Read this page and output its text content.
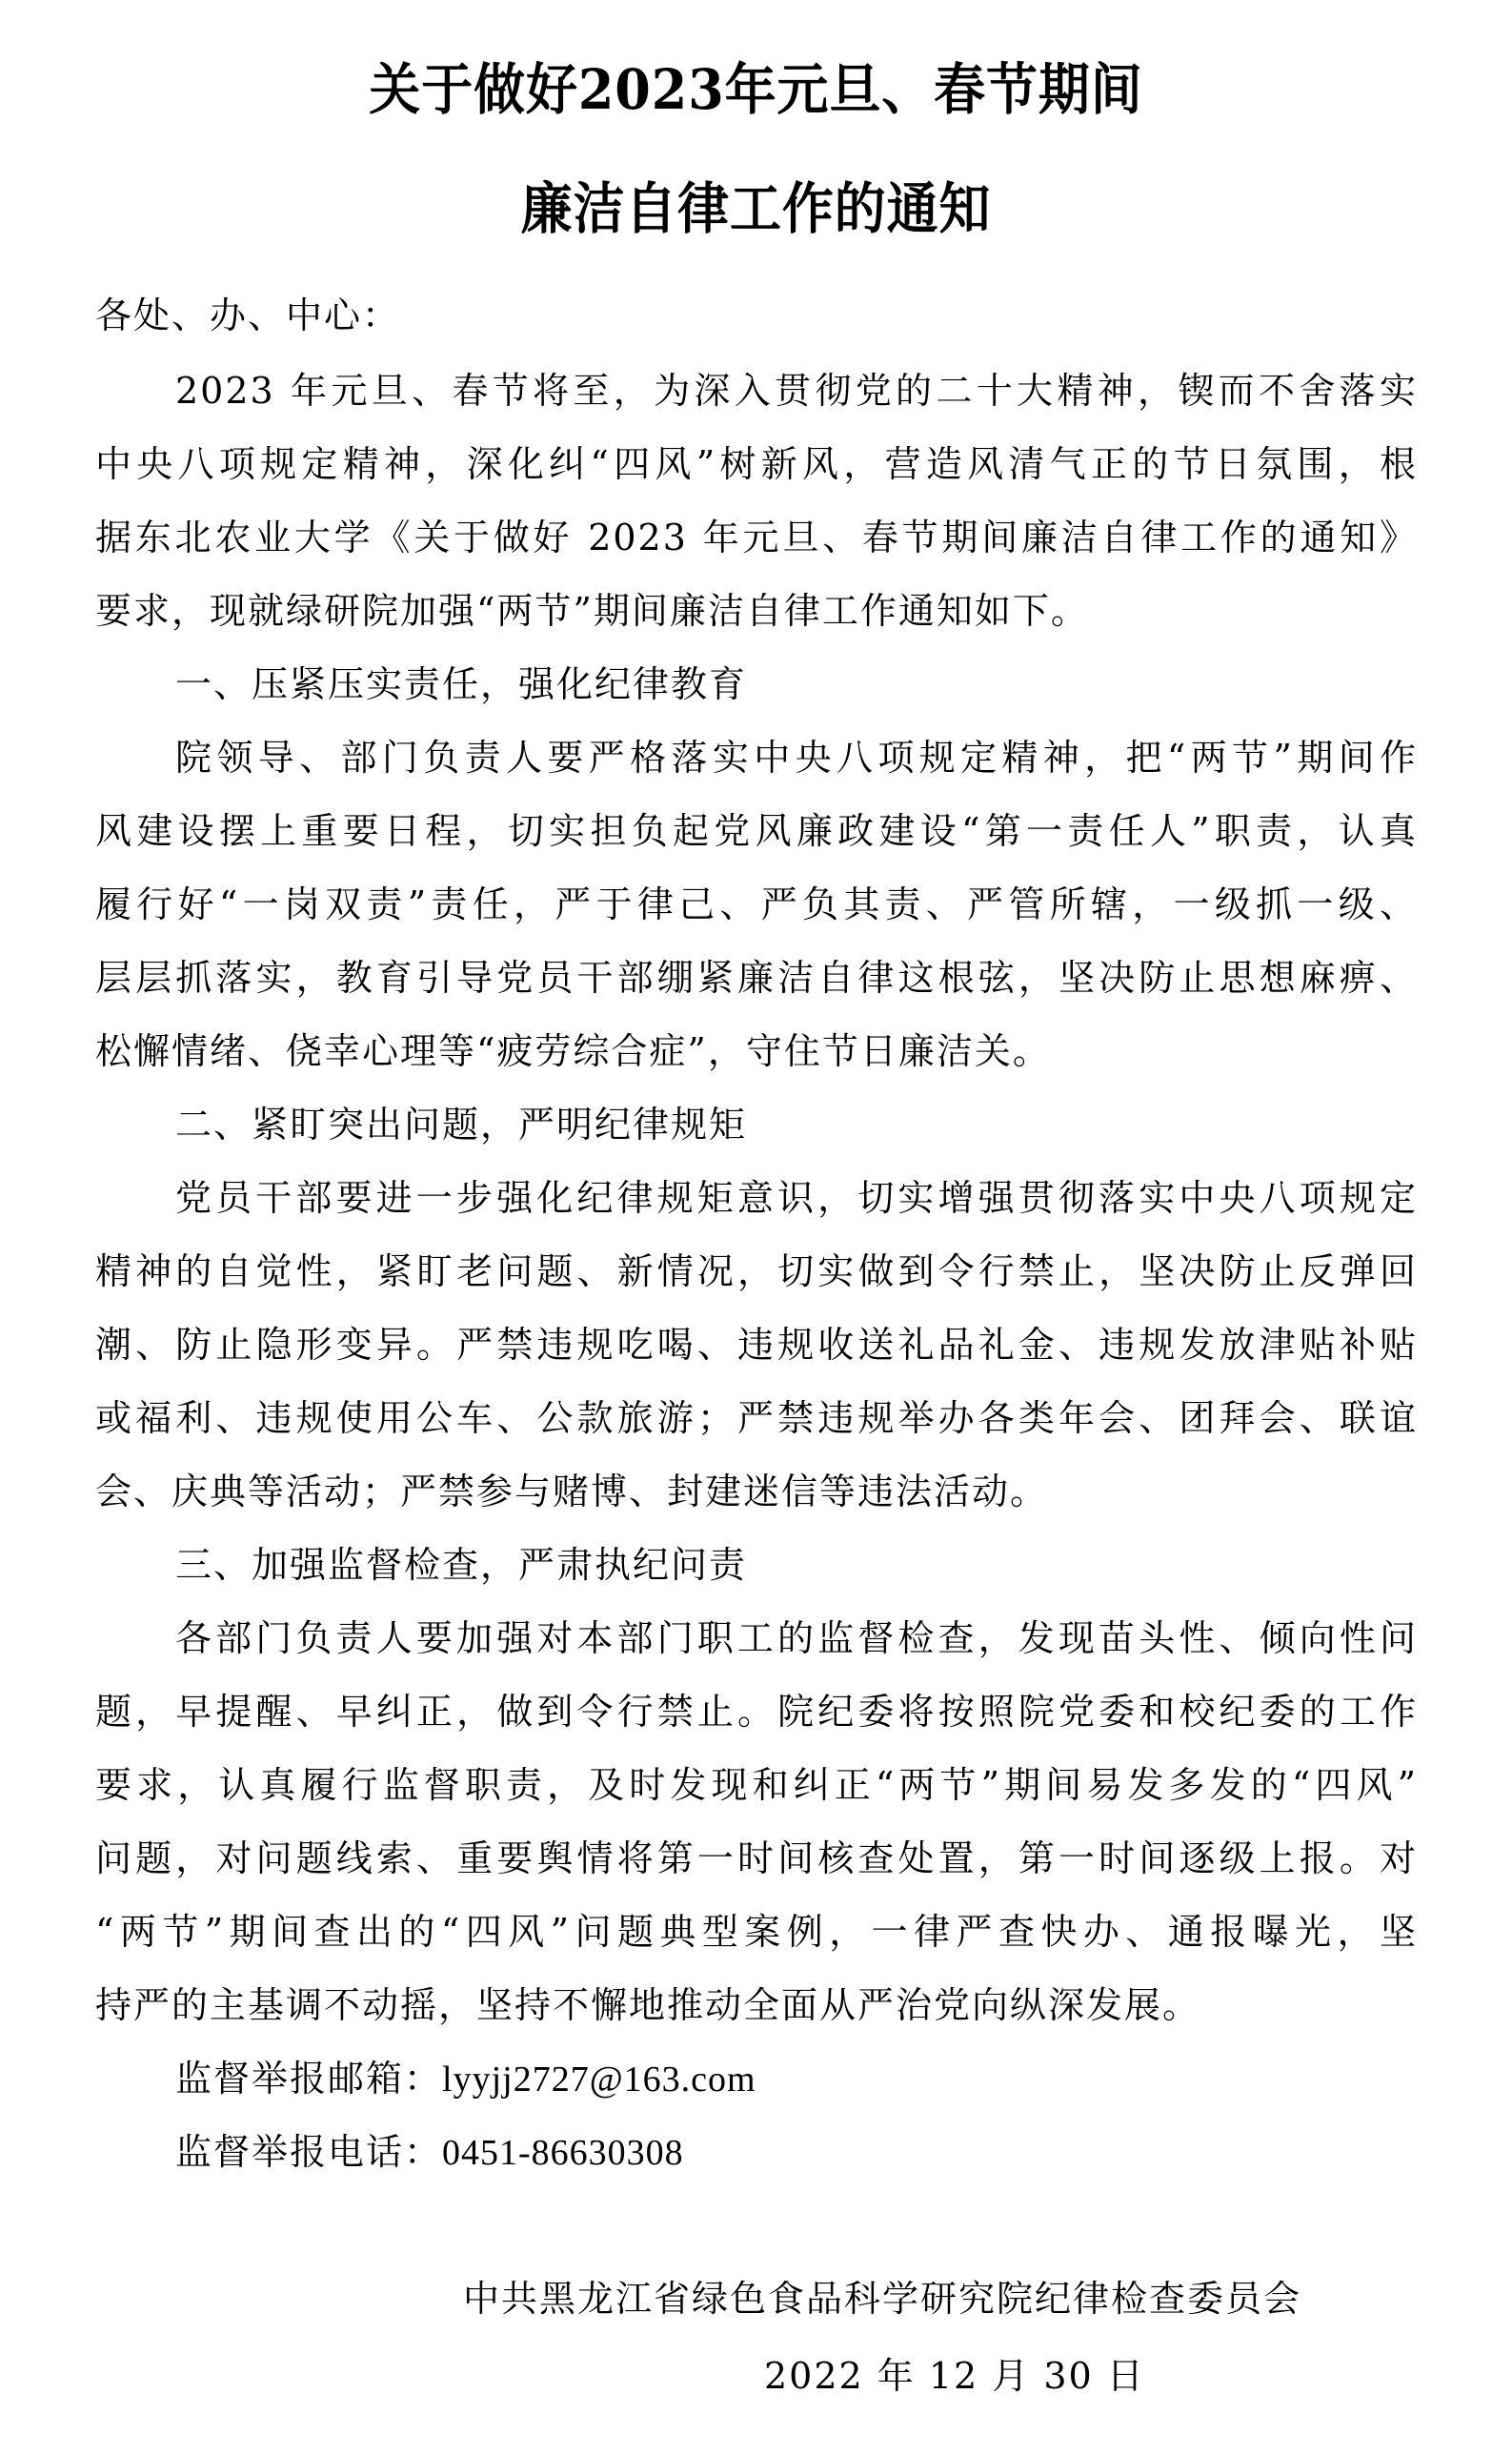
关于做好2023年元旦、春节期间
廉洁自律工作的通知
各处、办、中心：
2023 年元旦、春节将至，为深入贯彻党的二十大精神，锲而不舍落实
中央八项规定精神，深化纠“四风”树新风，营造风清气正的节日氛围，根
据东北农业大学《关于做好 2023 年元旦、春节期间廉洁自律工作的通知》
要求，现就绿研院加强“两节”期间廉洁自律工作通知如下。
一、压紧压实责任，强化纪律教育
院领导、部门负责人要严格落实中央八项规定精神，把“两节”期间作
风建设摆上重要日程，切实担负起党风廉政建设“第一责任人”职责，认真
履行好“一岗双责”责任，严于律己、严负其责、严管所辖，一级抓一级、
层层抓落实，教育引导党员干部绷紧廉洁自律这根弦，坚决防止思想麻痹、
松懈情绪、侥幸心理等“疲劳综合症”，守住节日廉洁关。
二、紧盯突出问题，严明纪律规矩
党员干部要进一步强化纪律规矩意识，切实增强贯彻落实中央八项规定
精神的自觉性，紧盯老问题、新情况，切实做到令行禁止，坚决防止反弹回
潮、防止隐形变异。严禁违规吃喝、违规收送礼品礼金、违规发放津贴补贴
或福利、违规使用公车、公款旅游；严禁违规举办各类年会、团拜会、联谊
会、庆典等活动；严禁参与赌博、封建迷信等违法活动。
三、加强监督检查，严肃执纪问责
各部门负责人要加强对本部门职工的监督检查，发现苗头性、倾向性问
题，早提醒、早纠正，做到令行禁止。院纪委将按照院党委和校纪委的工作
要求，认真履行监督职责，及时发现和纠正“两节”期间易发多发的“四风”
问题，对问题线索、重要舆情将第一时间核查处置，第一时间逐级上报。对
“两节”期间查出的“四风”问题典型案例，一律严查快办、通报曝光，坚
持严的主基调不动摇，坚持不懈地推动全面从严治党向纵深发展。
监督举报邮箱：lyyjj2727@163.com
监督举报电话：0451-86630308
中共黑龙江省绿色食品科学研究院纪律检查委员会
2022 年 12 月 30 日
